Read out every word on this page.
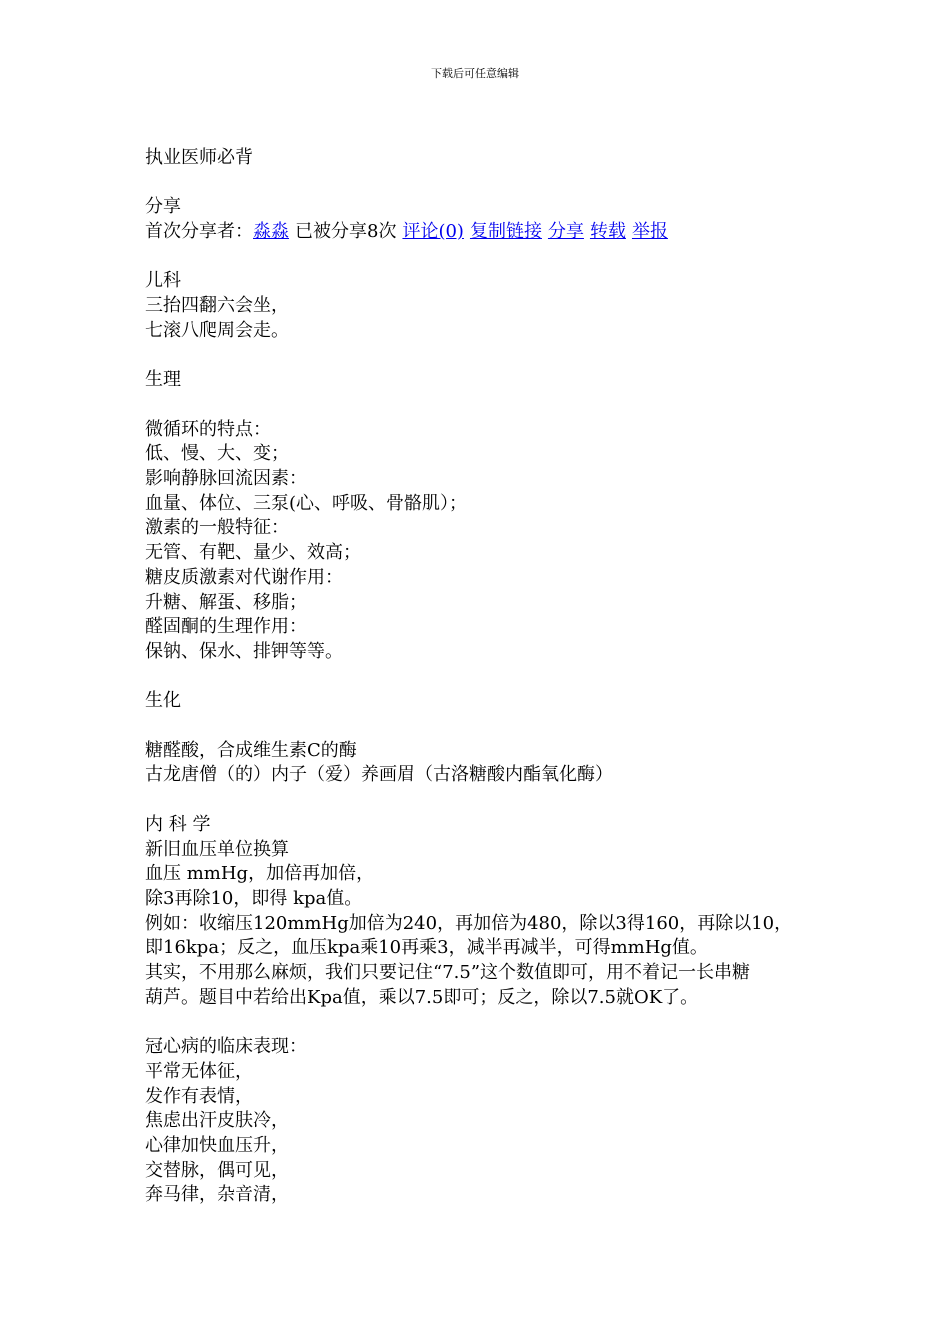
下载后可任意编辑
执业医师必背
分享
首次分享者：淼淼 已被分享8次 评论(0) 复制链接 分享 转载 举报
儿科
三抬四翻六会坐，
七滚八爬周会走。
生理
微循环的特点：
低、慢、大、变；
影响静脉回流因素：
血量、体位、三泵(心、呼吸、骨骼肌）；
激素的一般特征：
无管、有靶、量少、效高；
糖皮质激素对代谢作用：
升糖、解蛋、移脂；
醛固酮的生理作用：
保钠、保水、排钾等等。
生化
糖醛酸，合成维生素C的酶
古龙唐僧（的）内子（爱）养画眉（古洛糖酸内酯氧化酶）
内 科 学
新旧血压单位换算
血压 mmHg，加倍再加倍，
除3再除10，即得 kpa值。
例如：收缩压120mmHg加倍为240，再加倍为480，除以3得160，再除以10，
即16kpa；反之，血压kpa乘10再乘3，减半再减半，可得mmHg值。
其实，不用那么麻烦，我们只要记住“7.5”这个数值即可，用不着记一长串糖
葫芦。题目中若给出Kpa值，乘以7.5即可；反之，除以7.5就OK了。
冠心病的临床表现：
平常无体征，
发作有表情，
焦虑出汗皮肤冷，
心律加快血压升，
交替脉，偶可见，
奔马律，杂音清，
